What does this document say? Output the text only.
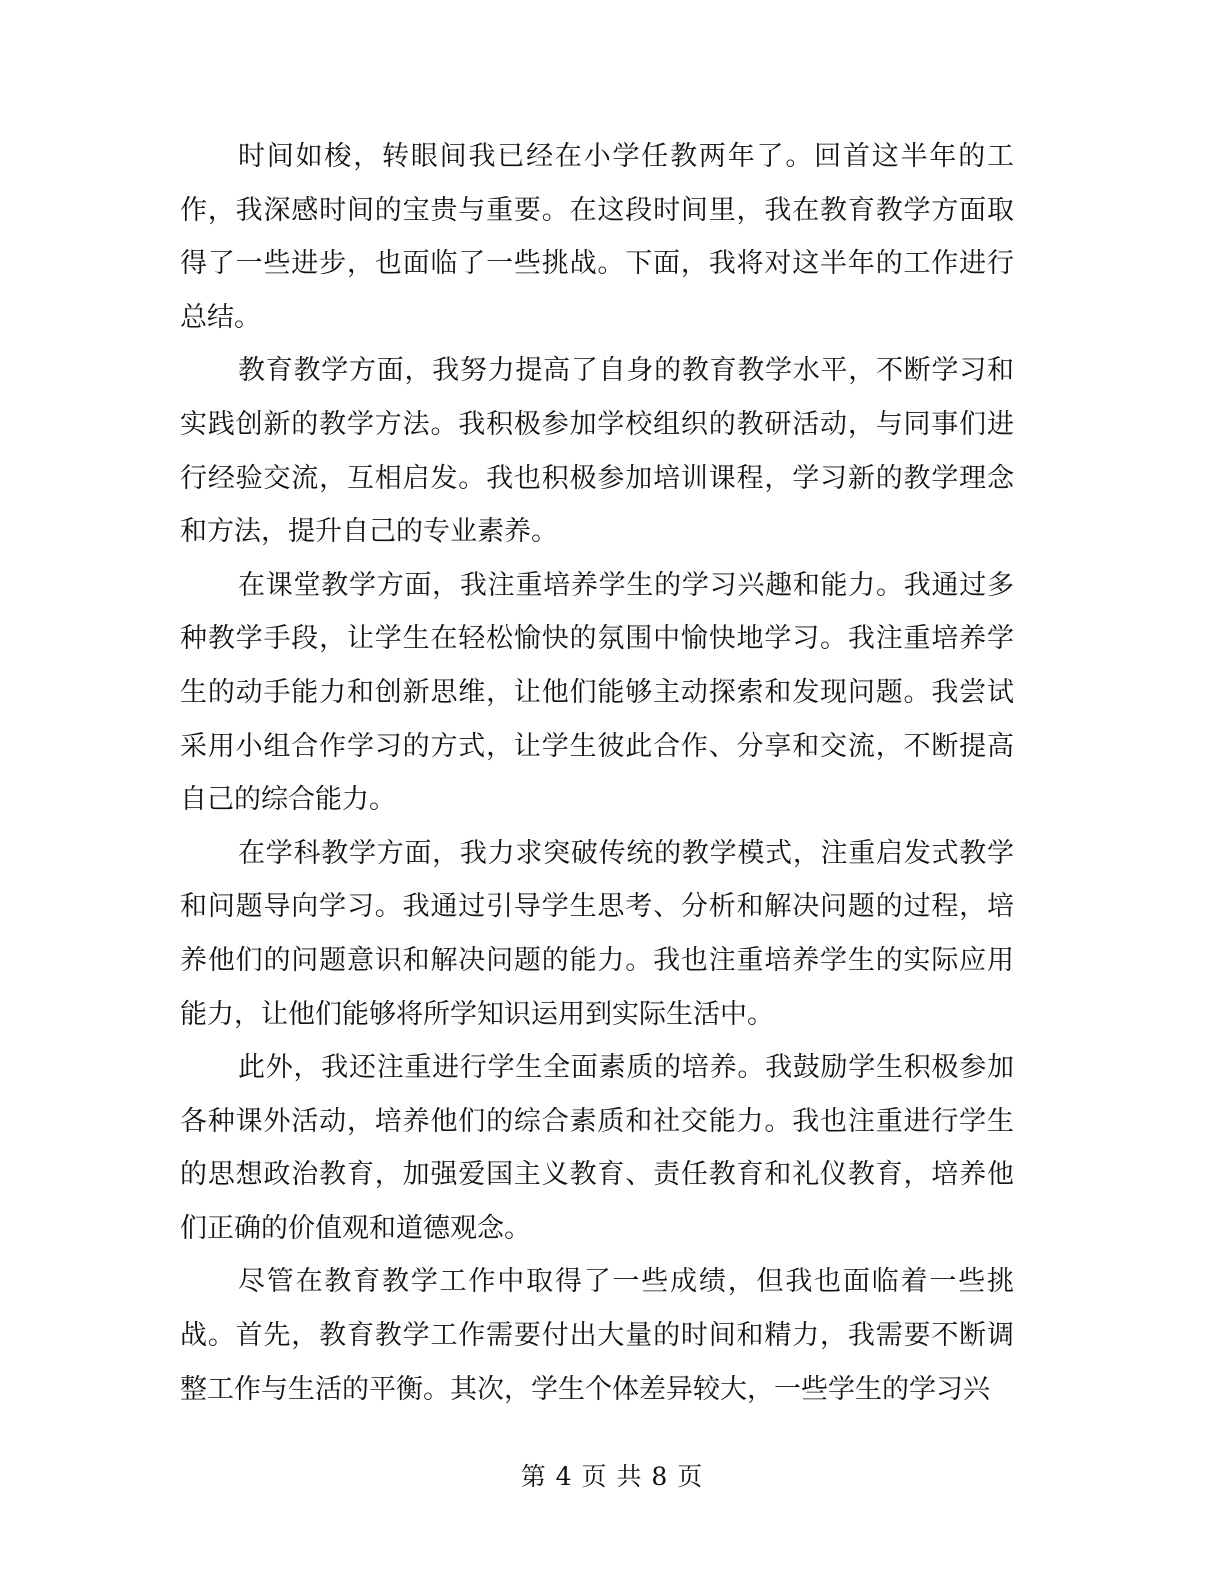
时间如梭，转眼间我已经在小学任教两年了。回首这半年的工作，我深感时间的宝贵与重要。在这段时间里，我在教育教学方面取得了一些进步，也面临了一些挑战。下面，我将对这半年的工作进行总结。

教育教学方面，我努力提高了自身的教育教学水平，不断学习和实践创新的教学方法。我积极参加学校组织的教研活动，与同事们进行经验交流，互相启发。我也积极参加培训课程，学习新的教学理念和方法，提升自己的专业素养。

在课堂教学方面，我注重培养学生的学习兴趣和能力。我通过多种教学手段，让学生在轻松愉快的氛围中愉快地学习。我注重培养学生的动手能力和创新思维，让他们能够主动探索和发现问题。我尝试采用小组合作学习的方式，让学生彼此合作、分享和交流，不断提高自己的综合能力。

在学科教学方面，我力求突破传统的教学模式，注重启发式教学和问题导向学习。我通过引导学生思考、分析和解决问题的过程，培养他们的问题意识和解决问题的能力。我也注重培养学生的实际应用能力，让他们能够将所学知识运用到实际生活中。

此外，我还注重进行学生全面素质的培养。我鼓励学生积极参加各种课外活动，培养他们的综合素质和社交能力。我也注重进行学生的思想政治教育，加强爱国主义教育、责任教育和礼仪教育，培养他们正确的价值观和道德观念。

尽管在教育教学工作中取得了一些成绩，但我也面临着一些挑战。首先，教育教学工作需要付出大量的时间和精力，我需要不断调整工作与生活的平衡。其次，学生个体差异较大，一些学生的学习兴

第 4 页 共 8 页
